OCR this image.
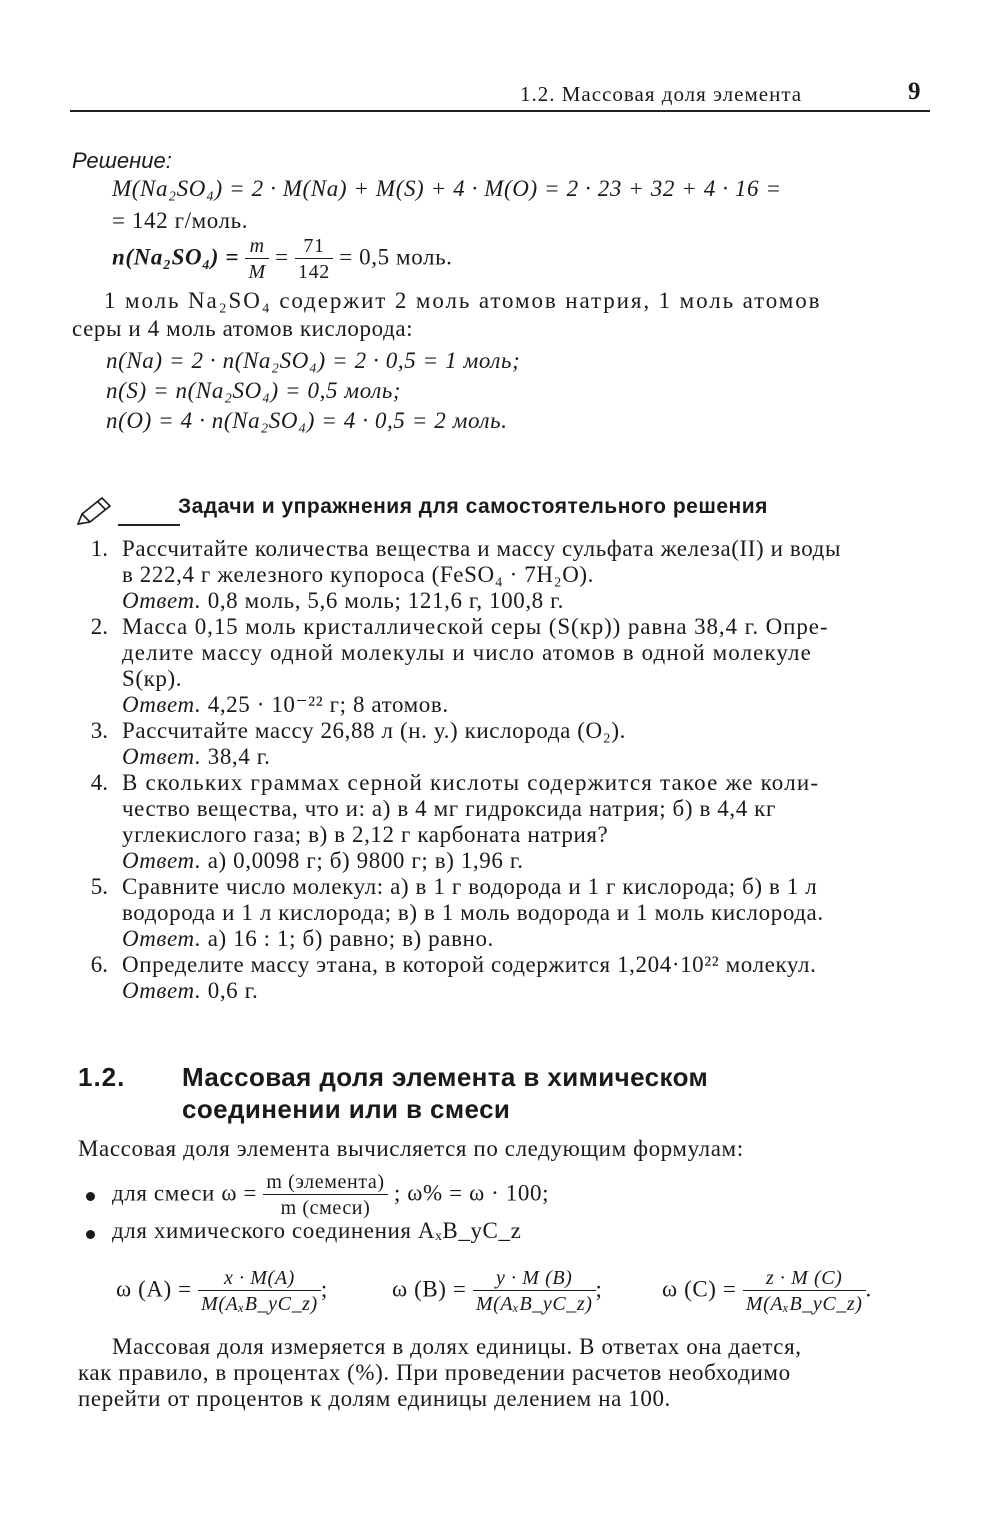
1.2. Массовая доля элемента	9
Решение:
M(Na₂SO₄) = 2 · M(Na) + M(S) + 4 · M(O) = 2 · 23 + 32 + 4 · 16 =
= 142 г/моль.
$n(Na_2SO_4) = \frac{m}{M} = \frac{71}{142} = 0,5$ моль.
1 моль Na₂SO₄ содержит 2 моль атомов натрия, 1 моль атомов
серы и 4 моль атомов кислорода:
n(Na) = 2 · n(Na₂SO₄) = 2 · 0,5 = 1 моль;
n(S) = n(Na₂SO₄) = 0,5 моль;
n(O) = 4 · n(Na₂SO₄) = 4 · 0,5 = 2 моль.
Задачи и упражнения для самостоятельного решения
1. Рассчитайте количества вещества и массу сульфата железа(II) и воды
в 222,4 г железного купороса (FeSO₄ · 7H₂O).
Ответ. 0,8 моль, 5,6 моль; 121,6 г, 100,8 г.
2. Масса 0,15 моль кристаллической серы (S(кр)) равна 38,4 г. Опре-
делите массу одной молекулы и число атомов в одной молекуле
S(кр).
Ответ. 4,25 · 10⁻²² г; 8 атомов.
3. Рассчитайте массу 26,88 л (н. у.) кислорода (O₂).
Ответ. 38,4 г.
4. В скольких граммах серной кислоты содержится такое же коли-
чество вещества, что и: а) в 4 мг гидроксида натрия; б) в 4,4 кг
углекислого газа; в) в 2,12 г карбоната натрия?
Ответ. а) 0,0098 г; б) 9800 г; в) 1,96 г.
5. Сравните число молекул: а) в 1 г водорода и 1 г кислорода; б) в 1 л
водорода и 1 л кислорода; в) в 1 моль водорода и 1 моль кислорода.
Ответ. а) 16 : 1; б) равно; в) равно.
6. Определите массу этана, в которой содержится 1,204·10²² молекул.
Ответ. 0,6 г.
1.2. Массовая доля элемента в химическом
соединении или в смеси
Массовая доля элемента вычисляется по следующим формулам:
для смеси $\omega = \frac{\text{m (элемента)}}{\text{m (смеси)}}$ ; ω% = ω · 100;
для химического соединения AₓB_yC_z
ω $(A) = \frac{x \cdot M(A)}{\text{M(AₓB\_yC\_z)}}$ ;	ω $(B) = \frac{y \cdot M (B)}{\text{M(AₓB\_yC\_z)}}$ ;	ω $(C) = \frac{z \cdot M (C)}{\text{M(AₓB\_yC\_z)}}$ .
Массовая доля измеряется в долях единицы. В ответах она дается,
как правило, в процентах (%). При проведении расчетов необходимо
перейти от процентов к долям единицы делением на 100.
